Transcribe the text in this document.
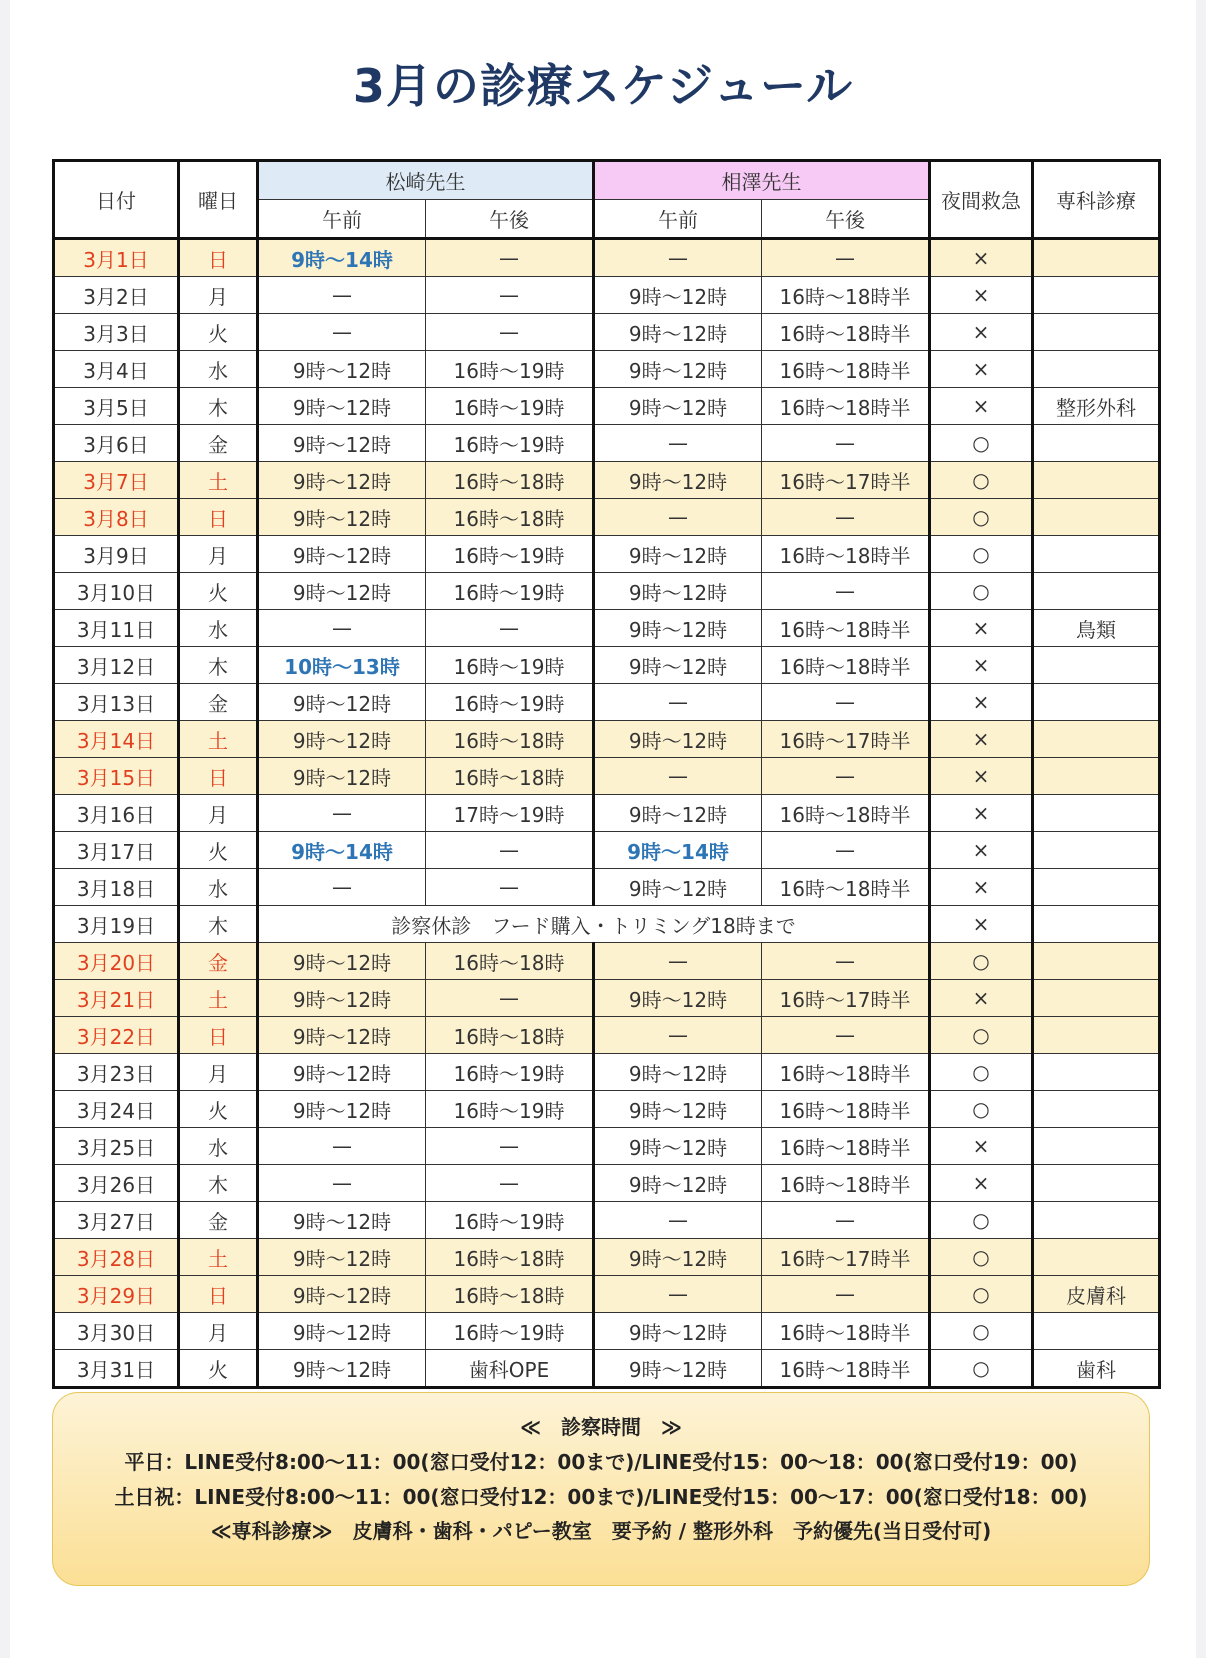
3月の診療スケジュール
日付	曜日	松崎先生		相澤先生		夜間救急	専科診療
		午前	午後	午前	午後		
3月1日	日	9時～14時	—	—	—	×	
3月2日	月	—	—	9時～12時	16時～18時半	×	
3月3日	火	—	—	9時～12時	16時～18時半	×	
3月4日	水	9時～12時	16時～19時	9時～12時	16時～18時半	×	
3月5日	木	9時～12時	16時～19時	9時～12時	16時～18時半	×	整形外科
3月6日	金	9時～12時	16時～19時	—	—	○	
3月7日	土	9時～12時	16時～18時	9時～12時	16時～17時半	○	
3月8日	日	9時～12時	16時～18時	—	—	○	
3月9日	月	9時～12時	16時～19時	9時～12時	16時～18時半	○	
3月10日	火	9時～12時	16時～19時	9時～12時	—	○	
3月11日	水	—	—	9時～12時	16時～18時半	×	鳥類
3月12日	木	10時～13時	16時～19時	9時～12時	16時～18時半	×	
3月13日	金	9時～12時	16時～19時	—	—	×	
3月14日	土	9時～12時	16時～18時	9時～12時	16時～17時半	×	
3月15日	日	9時～12時	16時～18時	—	—	×	
3月16日	月	—	17時～19時	9時～12時	16時～18時半	×	
3月17日	火	9時～14時	—	9時～14時	—	×	
3月18日	水	—	—	9時～12時	16時～18時半	×	
3月19日	木	診察休診　フード購入・トリミング18時まで				×	
3月20日	金	9時～12時	16時～18時	—	—	○	
3月21日	土	9時～12時	—	9時～12時	16時～17時半	×	
3月22日	日	9時～12時	16時～18時	—	—	○	
3月23日	月	9時～12時	16時～19時	9時～12時	16時～18時半	○	
3月24日	火	9時～12時	16時～19時	9時～12時	16時～18時半	○	
3月25日	水	—	—	9時～12時	16時～18時半	×	
3月26日	木	—	—	9時～12時	16時～18時半	×	
3月27日	金	9時～12時	16時～19時	—	—	○	
3月28日	土	9時～12時	16時～18時	9時～12時	16時～17時半	○	
3月29日	日	9時～12時	16時～18時	—	—	○	皮膚科
3月30日	月	9時～12時	16時～19時	9時～12時	16時～18時半	○	
3月31日	火	9時～12時	歯科OPE	9時～12時	16時～18時半	○	歯科
≪　診察時間　≫
平日：LINE受付8:00～11：00(窓口受付12：00まで)/LINE受付15：00～18：00(窓口受付19：00)
土日祝：LINE受付8:00～11：00(窓口受付12：00まで)/LINE受付15：00～17：00(窓口受付18：00)
≪専科診療≫　皮膚科・歯科・パピー教室　要予約 / 整形外科　予約優先(当日受付可)
